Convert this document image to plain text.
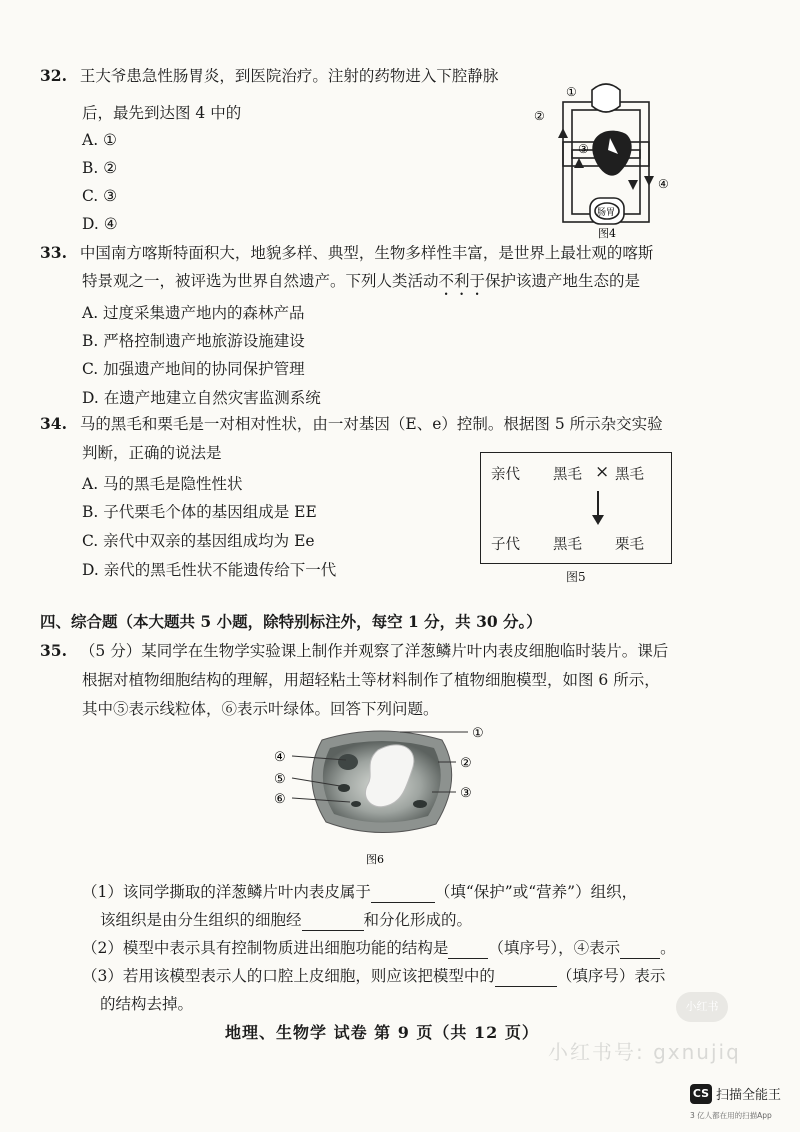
32. 王大爷患急性肠胃炎，到医院治疗。注射的药物进入下腔静脉
后，最先到达图 4 中的
A. ①
B. ②
C. ③
D. ④
①
②
③
④
肠胃
图4
33. 中国南方喀斯特面积大，地貌多样、典型，生物多样性丰富，是世界上最壮观的喀斯
特景观之一，被评选为世界自然遗产。下列人类活动不利于保护该遗产地生态的是
A. 过度采集遗产地内的森林产品
B. 严格控制遗产地旅游设施建设
C. 加强遗产地间的协同保护管理
D. 在遗产地建立自然灾害监测系统
34. 马的黑毛和栗毛是一对相对性状，由一对基因（E、e）控制。根据图 5 所示杂交实验
判断，正确的说法是
A. 马的黑毛是隐性性状
B. 子代栗毛个体的基因组成是 EE
C. 亲代中双亲的基因组成均为 Ee
D. 亲代的黑毛性状不能遗传给下一代
亲代 黑毛 × 黑毛
子代 黑毛 栗毛
图5
四、综合题（本大题共 5 小题，除特别标注外，每空 1 分，共 30 分。）
35. （5 分）某同学在生物学实验课上制作并观察了洋葱鳞片叶内表皮细胞临时装片。课后
根据对植物细胞结构的理解，用超轻粘土等材料制作了植物细胞模型，如图 6 所示，
其中⑤表示线粒体，⑥表示叶绿体。回答下列问题。
①
②
③
④
⑤
⑥
图6
（1）该同学撕取的洋葱鳞片叶内表皮属于	（填“保护”或“营养”）组织，
该组织是由分生组织的细胞经	和分化形成的。
（2）模型中表示具有控制物质进出细胞功能的结构是	（填序号），④表示	。
（3）若用该模型表示人的口腔上皮细胞，则应该把模型中的	（填序号）表示
的结构去掉。
地理、生物学 试卷 第 9 页（共 12 页）
小红书
小红书号: gxnujiq
CS 扫描全能王
3 亿人都在用的扫描App
